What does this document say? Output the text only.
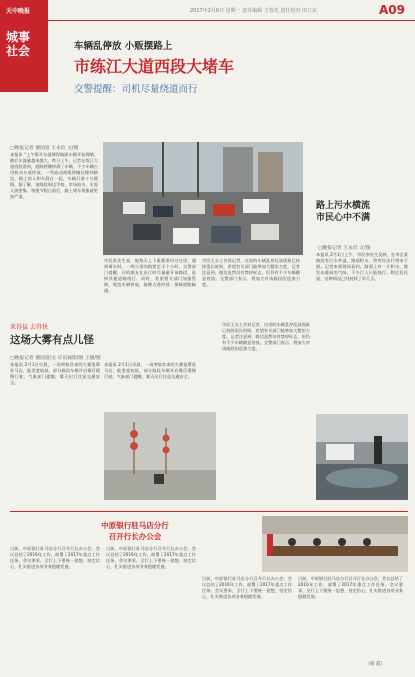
天中晚报
城事
社会
2017年2月6日 星期一 责任编辑 王春光 责任校对 田立东	A09
车辆乱停放 小贩摆路上
市练江大道西段大堵车
交警提醒：司机尽量绕道而行
□晚报记者 谢国富 王永俭 文/图
本报讯 “上午都开车就堵得路面车辆开始拥堵，随后车流量越来越大，昨日上午，记者在练江大道西段看到，道路两侧停满了车辆，不少车辆占用机动车道停放。一些流动商贩将摊位摆到路边，路上的人和车混在一起，车辆行驶十分缓慢。据了解，该路段周边学校、市场较多，车流人流密集。每逢节假日前后，路上堵车现象就更加严重。
市民张先生说，他每天上下班都要经过这里，遇到堵车时，一两公里的路要走半个小时。交警部门提醒，司机朋友在出行时尽量避开该路段，选择其他道路绕行。同时，希望相关部门加强管理，规范车辆停放，取缔占道经营，保障道路畅通。
市民王女士告诉记者，这里的车辆乱停乱放现象已持续很长时间，希望有关部门能够加大整治力度。记者注意到，路边虽然设有禁停标志，但仍有不少车辆随意停放。交警部门表示，将加大对该路段的巡查力度。
路上污水横流
市民心中不满
□晚报记者 王永俭 文/图
本报讯 2月1日上午，市民李先生反映，在市区某路段有污水外溢，路面积水，给市民出行带来不便。记者来到现场看到，路面上有一片积水，散发出难闻的气味，不少行人只能绕行。附近居民说，这种情况已经持续了好几天。
来得猛 去得快
这场大雾有点儿怪
□晚报记者 谢国富/文 庄讯通影/图 王德/图
本报讯 2月1日早晨，一场突如其来的大雾笼罩驻马店，能见度较低，部分路段车辆开启雾灯缓慢行驶。气象部门提醒，雾天出行注意交通安全。
本报讯 2月1日早晨，一场突如其来的大雾笼罩驻马店，能见度较低，部分路段车辆开启雾灯缓慢行驶。气象部门提醒，雾天出行注意交通安全。
市民王女士告诉记者，这里的车辆乱停乱放现象已持续很长时间，希望有关部门能够加大整治力度。记者注意到，路边虽然设有禁停标志，但仍有不少车辆随意停放。交警部门表示，将加大对该路段的巡查力度。
中原银行驻马店分行
召开行长办公会
日前，中原银行驻马店分行召开行长办公会，会议总结了2016年工作，部署了2017年重点工作任务。会议要求，全行上下要统一思想，坚定信心，扎实推进各项业务稳健发展。
日前，中原银行驻马店分行召开行长办公会，会议总结了2016年工作，部署了2017年重点工作任务。会议要求，全行上下要统一思想，坚定信心，扎实推进各项业务稳健发展。
日前，中原银行驻马店分行召开行长办公会，会议总结了2016年工作，部署了2017年重点工作任务。会议要求，全行上下要统一思想，坚定信心，扎实推进各项业务稳健发展。
日前，中原银行驻马店分行召开行长办公会，会议总结了2016年工作，部署了2017年重点工作任务。会议要求，全行上下要统一思想，坚定信心，扎实推进各项业务稳健发展。
（杨 霞）
